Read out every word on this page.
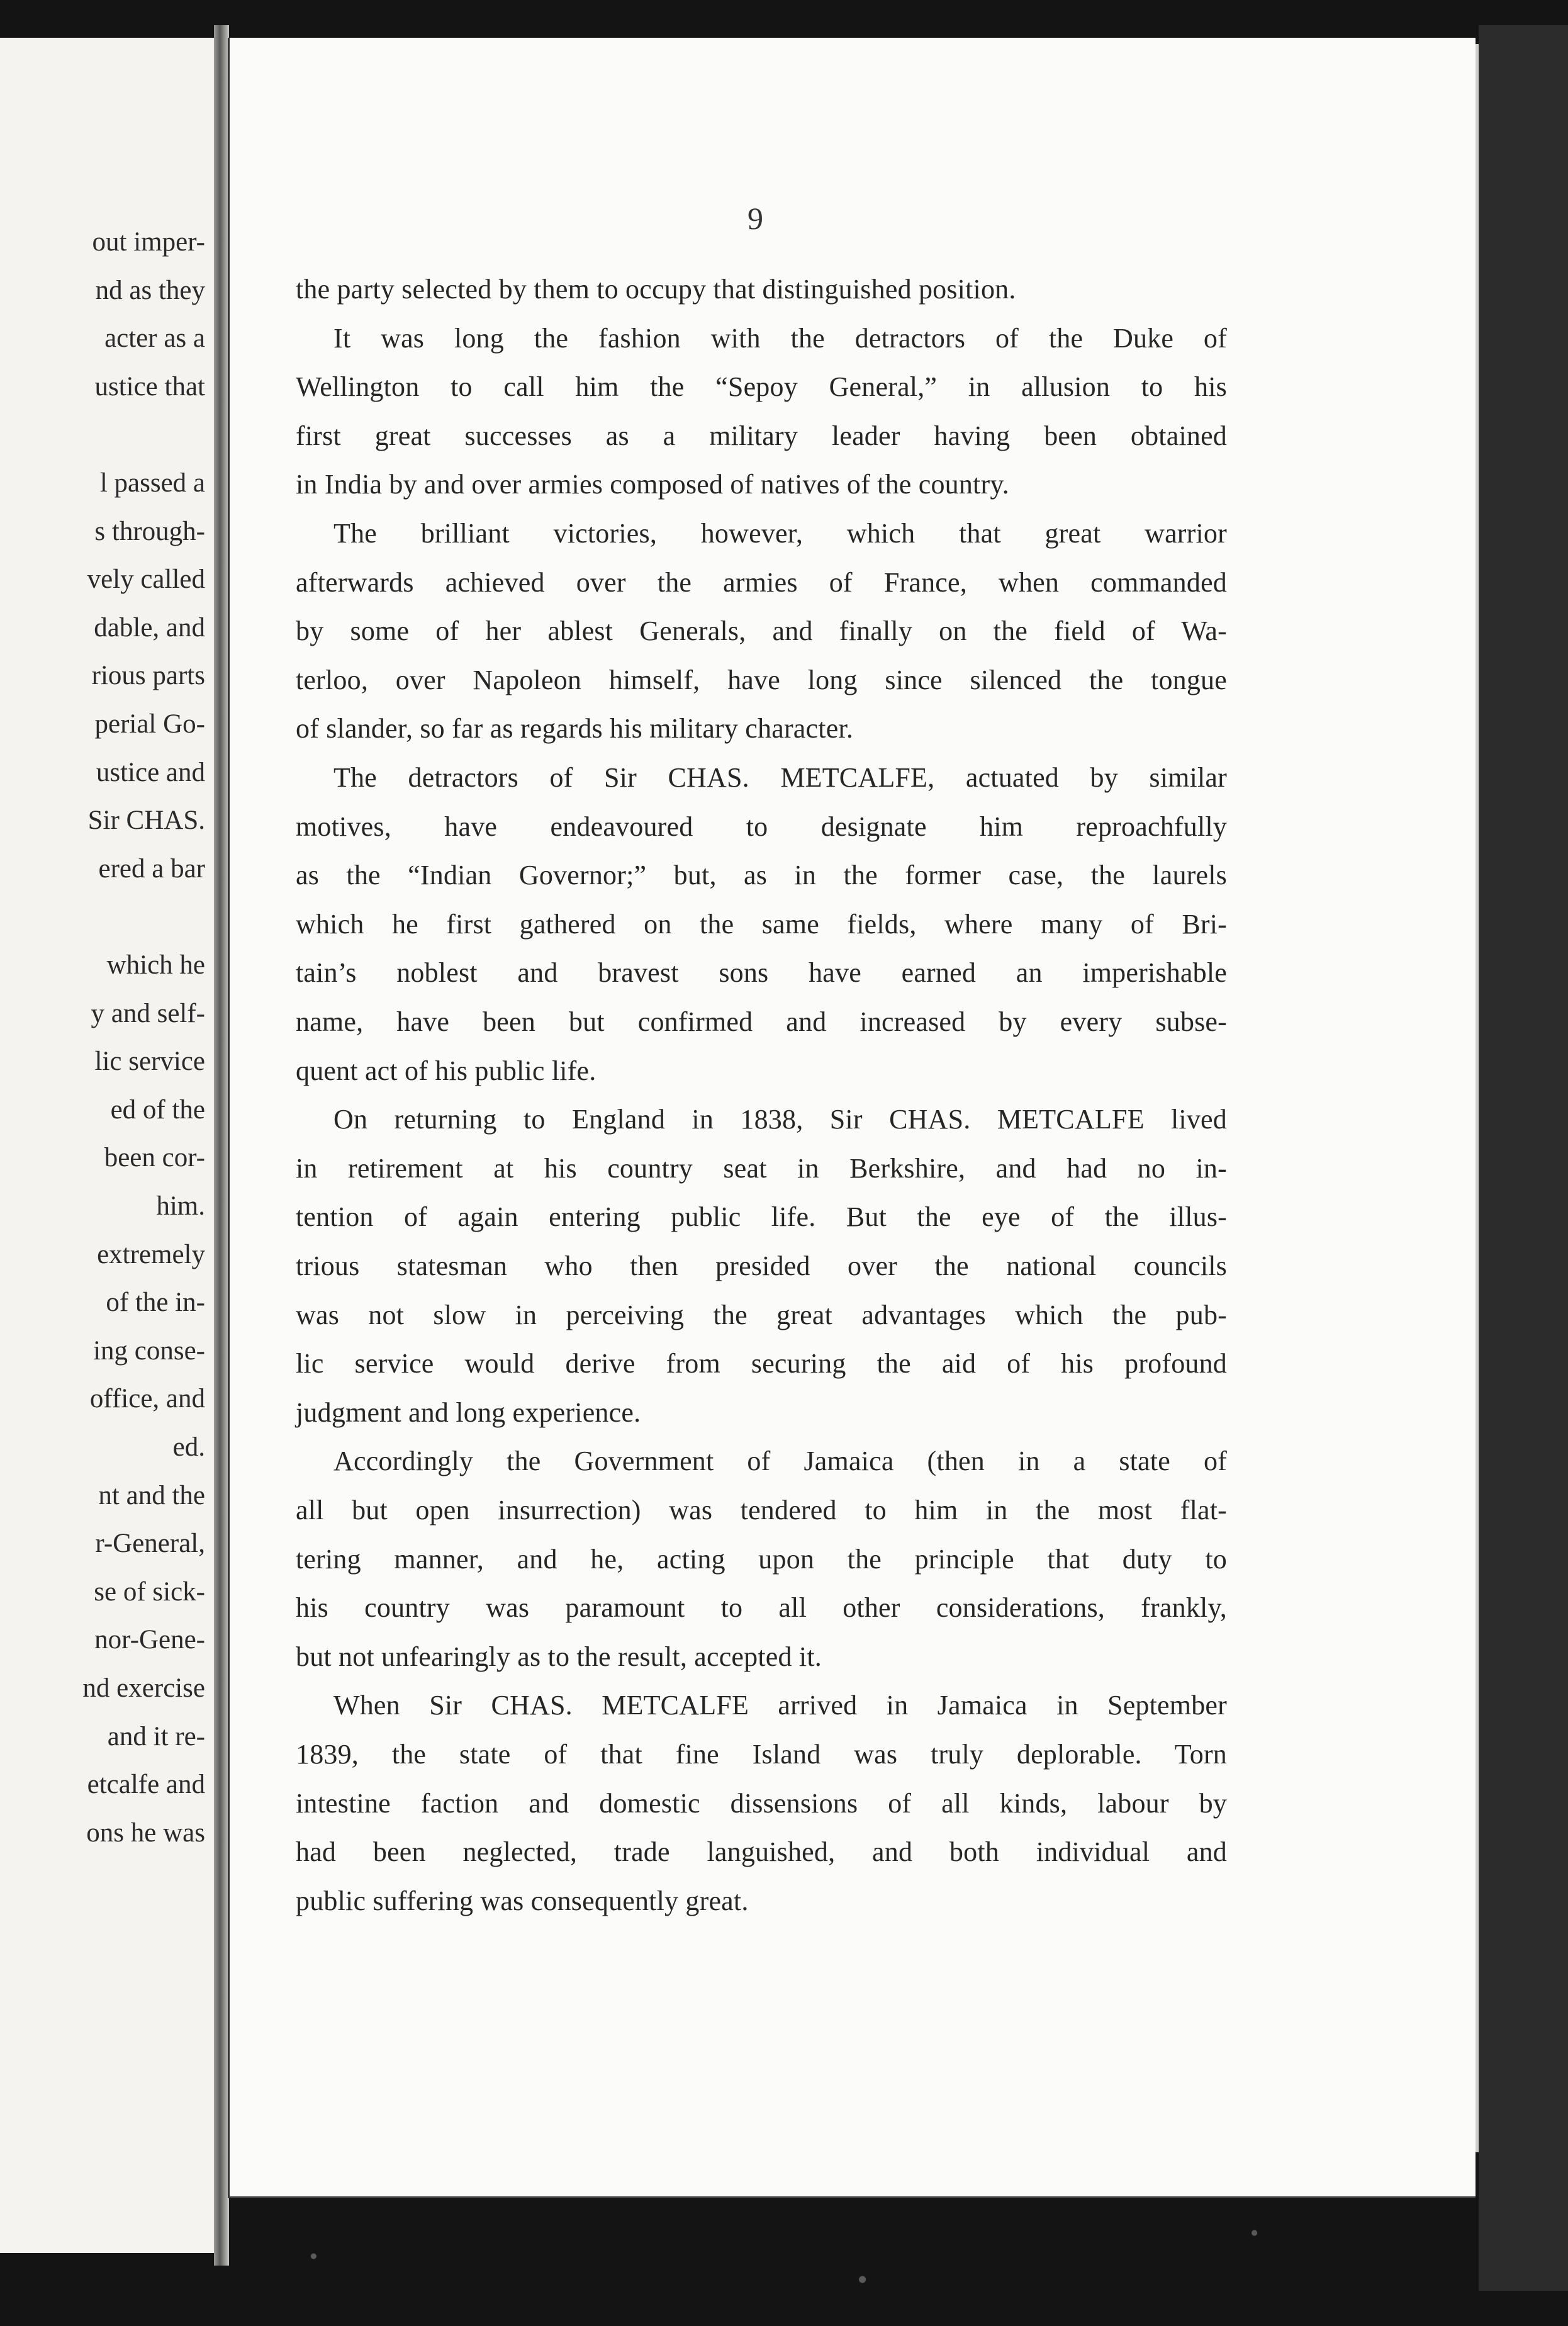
out imper-
nd as they
acter as a
ustice that
l passed a
s through-
vely called
dable, and
rious parts
perial Go-
ustice and
Sir CHAS.
ered a bar
which he
y and self-
lic service
ed of the
been cor-
him.
extremely
of the in-
ing conse-
office, and
ed.
nt and the
r-General,
se of sick-
nor-Gene-
nd exercise
and it re-
etcalfe and
ons he was
9
the party selected by them to occupy that distinguished position.
It was long the fashion with the detractors of the Duke of
Wellington to call him the “Sepoy General,” in allusion to his
first great successes as a military leader having been obtained
in India by and over armies composed of natives of the country.
The brilliant victories, however, which that great warrior
afterwards achieved over the armies of France, when commanded
by some of her ablest Generals, and finally on the field of Wa-
terloo, over Napoleon himself, have long since silenced the tongue
of slander, so far as regards his military character.
The detractors of Sir CHAS. METCALFE, actuated by similar
motives, have endeavoured to designate him reproachfully
as the “Indian Governor;” but, as in the former case, the laurels
which he first gathered on the same fields, where many of Bri-
tain’s noblest and bravest sons have earned an imperishable
name, have been but confirmed and increased by every subse-
quent act of his public life.
On returning to England in 1838, Sir CHAS. METCALFE lived
in retirement at his country seat in Berkshire, and had no in-
tention of again entering public life. But the eye of the illus-
trious statesman who then presided over the national councils
was not slow in perceiving the great advantages which the pub-
lic service would derive from securing the aid of his profound
judgment and long experience.
Accordingly the Government of Jamaica (then in a state of
all but open insurrection) was tendered to him in the most flat-
tering manner, and he, acting upon the principle that duty to
his country was paramount to all other considerations, frankly,
but not unfearingly as to the result, accepted it.
When Sir CHAS. METCALFE arrived in Jamaica in September
1839, the state of that fine Island was truly deplorable. Torn
intestine faction and domestic dissensions of all kinds, labour by
had been neglected, trade languished, and both individual and
public suffering was consequently great.
